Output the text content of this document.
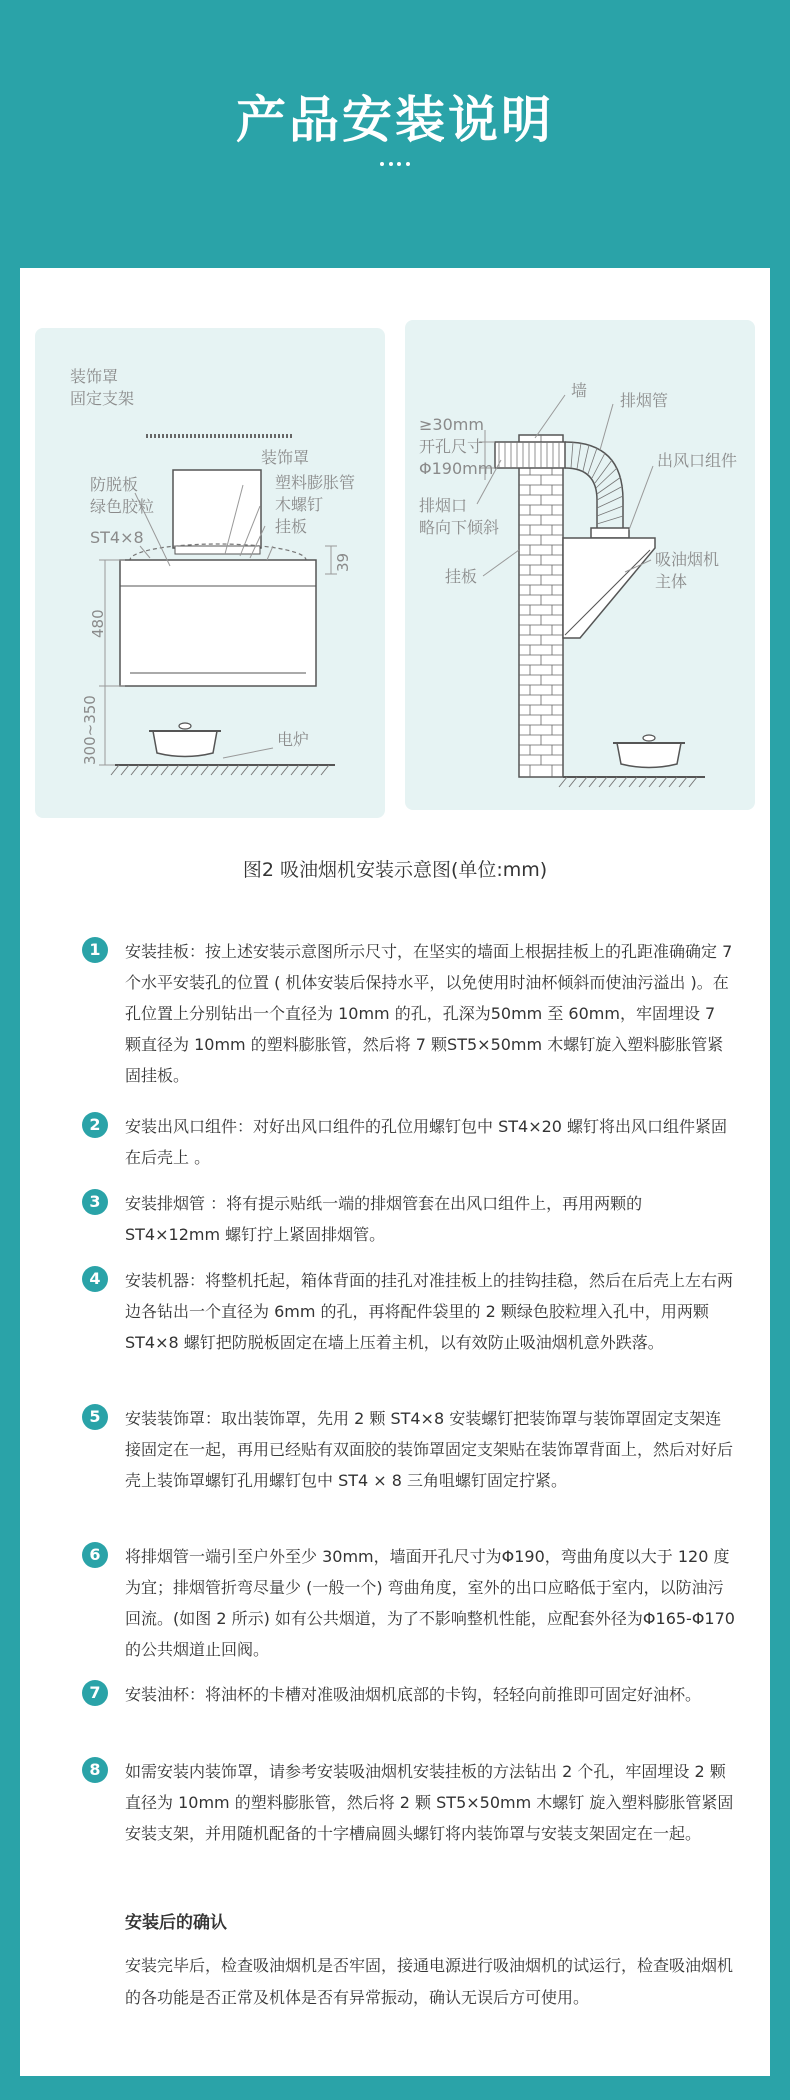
产品安装说明
装饰罩
固定支架
装饰罩
防脱板
绿色胶粒
塑料膨胀管
木螺钉
挂板
ST4×8
电炉
39
480
300~350
墙
排烟管
≥30mm
开孔尺寸
Φ190mm	出风口组件
排烟口
略向下倾斜
吸油烟机
主体
挂板
图2 吸油烟机安装示意图(单位:mm)
1	安装挂板：按上述安装示意图所示尺寸，在坚实的墙面上根据挂板上的孔距准确确定 7 个水平安装孔的位置 ( 机体安装后保持水平，以免使用时油杯倾斜而使油污溢出 )。在孔位置上分别钻出一个直径为 10mm 的孔，孔深为50mm 至 60mm，牢固埋设 7 颗直径为 10mm 的塑料膨胀管，然后将 7 颗ST5×50mm 木螺钉旋入塑料膨胀管紧固挂板。

2	安装出风口组件：对好出风口组件的孔位用螺钉包中 ST4×20 螺钉将出风口组件紧固在后壳上 。

3	安装排烟管 ：将有提示贴纸一端的排烟管套在出风口组件上，再用两颗的ST4×12mm 螺钉拧上紧固排烟管。

4	安装机器：将整机托起，箱体背面的挂孔对准挂板上的挂钩挂稳，然后在后壳上左右两边各钻出一个直径为 6mm 的孔，再将配件袋里的 2 颗绿色胶粒埋入孔中，用两颗 ST4×8 螺钉把防脱板固定在墙上压着主机，以有效防止吸油烟机意外跌落。

5	安装装饰罩：取出装饰罩，先用 2 颗 ST4×8 安装螺钉把装饰罩与装饰罩固定支架连接固定在一起，再用已经贴有双面胶的装饰罩固定支架贴在装饰罩背面上，然后对好后壳上装饰罩螺钉孔用螺钉包中 ST4 × 8 三角咀螺钉固定拧紧。

6	将排烟管一端引至户外至少 30mm，墙面开孔尺寸为Φ190，弯曲角度以大于 120 度为宜；排烟管折弯尽量少 (一般一个) 弯曲角度，室外的出口应略低于室内，以防油污回流。(如图 2 所示) 如有公共烟道，为了不影响整机性能，应配套外径为Φ165-Φ170 的公共烟道止回阀。

7	安装油杯：将油杯的卡槽对准吸油烟机底部的卡钩，轻轻向前推即可固定好油杯。

8	如需安装内装饰罩，请参考安装吸油烟机安装挂板的方法钻出 2 个孔，牢固埋设 2 颗直径为 10mm 的塑料膨胀管，然后将 2 颗 ST5×50mm 木螺钉 旋入塑料膨胀管紧固安装支架，并用随机配备的十字槽扁圆头螺钉将内装饰罩与安装支架固定在一起。

安装后的确认

安装完毕后，检查吸油烟机是否牢固，接通电源进行吸油烟机的试运行，检查吸油烟机的各功能是否正常及机体是否有异常振动，确认无误后方可使用。
